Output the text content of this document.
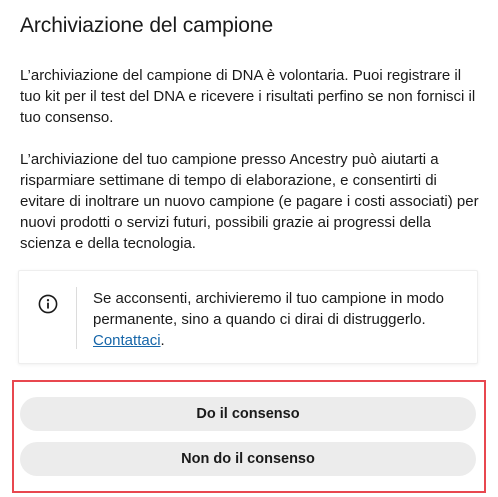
Archiviazione del campione

L’archiviazione del campione di DNA è volontaria. Puoi registrare il tuo kit per il test del DNA e ricevere i risultati perfino se non fornisci il tuo consenso.

L’archiviazione del tuo campione presso Ancestry può aiutarti a risparmiare settimane di tempo di elaborazione, e consentirti di evitare di inoltrare un nuovo campione (e pagare i costi associati) per nuovi prodotti o servizi futuri, possibili grazie ai progressi della scienza e della tecnologia.

Se acconsenti, archivieremo il tuo campione in modo permanente, sino a quando ci dirai di distruggerlo. Contattaci.

Do il consenso
Non do il consenso
